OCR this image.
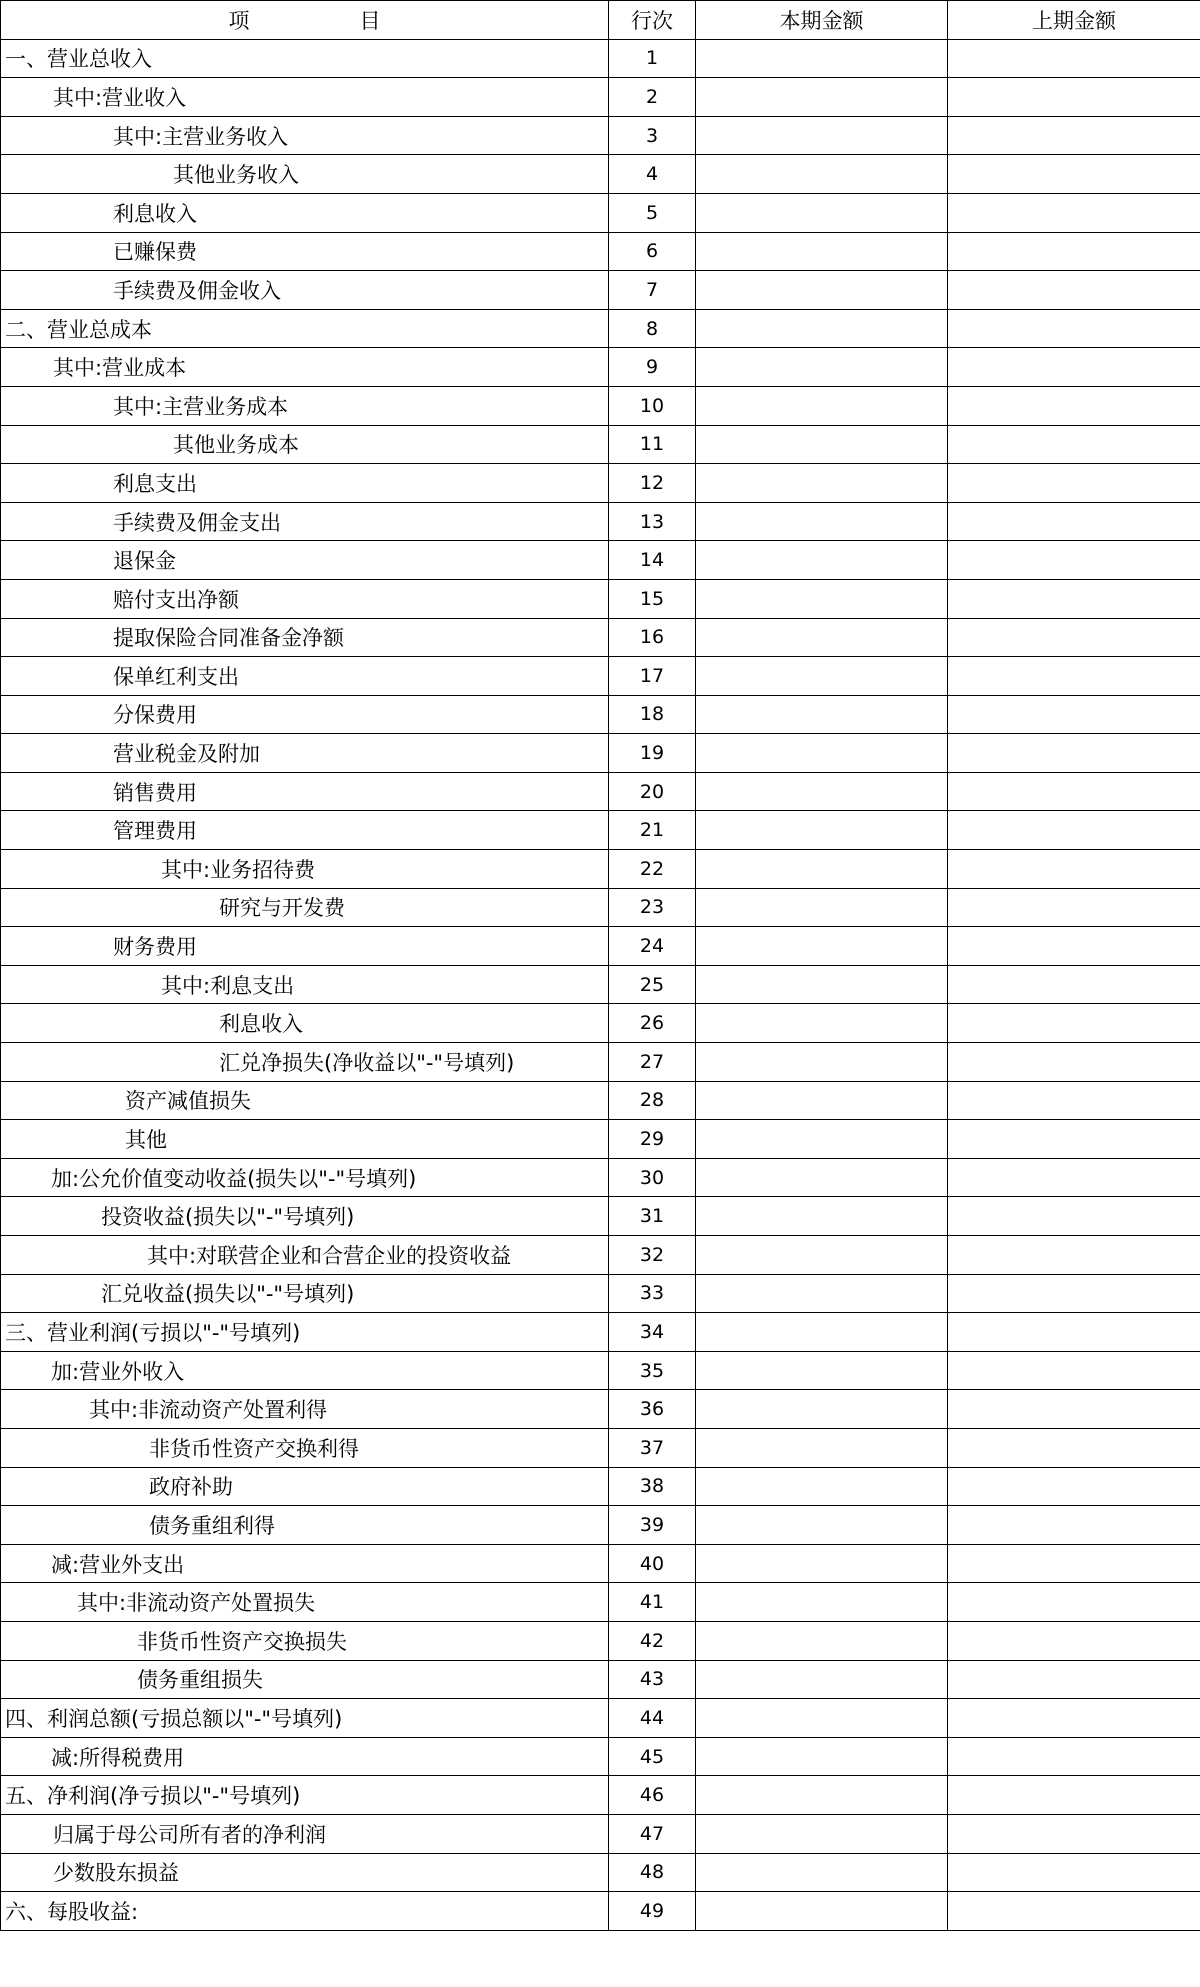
项 目	行次	本期金额	上期金额
一、营业总收入	1		
其中:营业收入	2		
其中:主营业务收入	3		
其他业务收入	4		
利息收入	5		
已赚保费	6		
手续费及佣金收入	7		
二、营业总成本	8		
其中:营业成本	9		
其中:主营业务成本	10		
其他业务成本	11		
利息支出	12		
手续费及佣金支出	13		
退保金	14		
赔付支出净额	15		
提取保险合同准备金净额	16		
保单红利支出	17		
分保费用	18		
营业税金及附加	19		
销售费用	20		
管理费用	21		
其中:业务招待费	22		
研究与开发费	23		
财务费用	24		
其中:利息支出	25		
利息收入	26		
汇兑净损失(净收益以"-"号填列)	27		
资产减值损失	28		
其他	29		
加:公允价值变动收益(损失以"-"号填列)	30		
投资收益(损失以"-"号填列)	31		
其中:对联营企业和合营企业的投资收益	32		
汇兑收益(损失以"-"号填列)	33		
三、营业利润(亏损以"-"号填列)	34		
加:营业外收入	35		
其中:非流动资产处置利得	36		
非货币性资产交换利得	37		
政府补助	38		
债务重组利得	39		
减:营业外支出	40		
其中:非流动资产处置损失	41		
非货币性资产交换损失	42		
债务重组损失	43		
四、利润总额(亏损总额以"-"号填列)	44		
减:所得税费用	45		
五、净利润(净亏损以"-"号填列)	46		
归属于母公司所有者的净利润	47		
少数股东损益	48		
六、每股收益:	49		
